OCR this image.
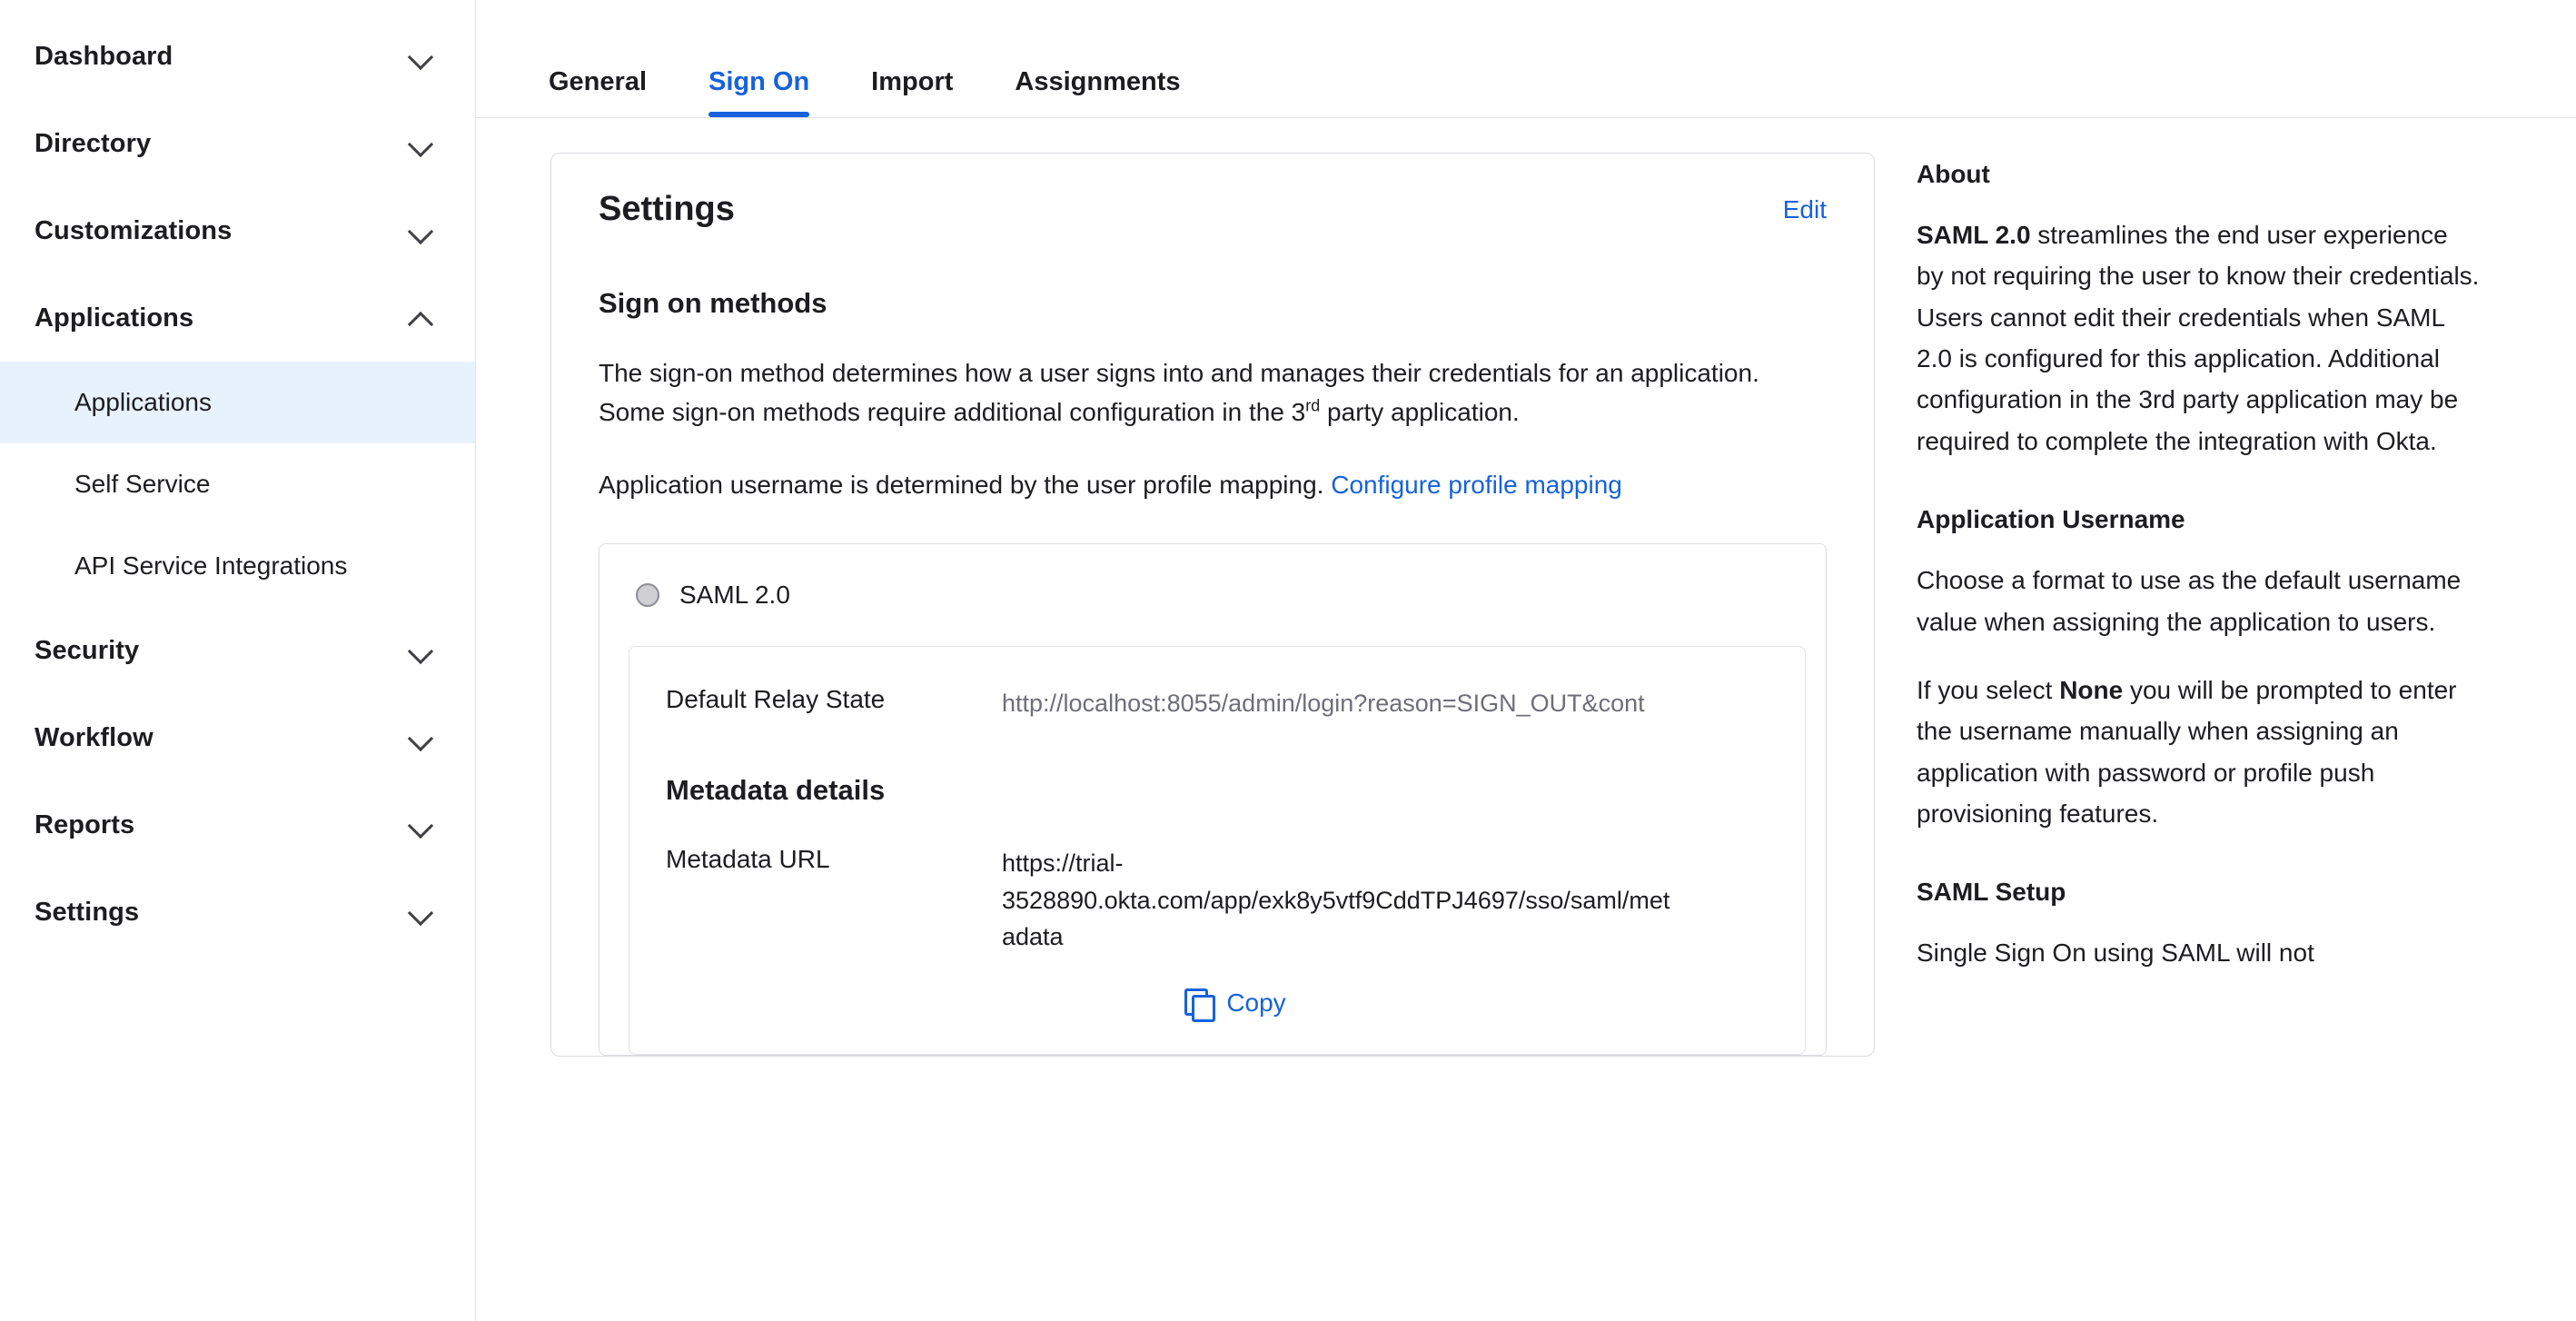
Dashboard
Directory
Customizations
Applications
Applications
Self Service
API Service Integrations
Security
Workflow
Reports
Settings
General	Sign On	Import	Assignments
Settings	Edit
Sign on methods

The sign-on method determines how a user signs into and manages their credentials for an application. Some sign-on methods require additional configuration in the 3rd party application.

Application username is determined by the user profile mapping. Configure profile mapping

SAML 2.0
Default Relay State	http://localhost:8055/admin/login?reason=SIGN_OUT&cont
Metadata details
Metadata URL	https://trial-3528890.okta.com/app/exk8y5vtf9CddTPJ4697/sso/saml/metadata
Copy
About

SAML 2.0 streamlines the end user experience by not requiring the user to know their credentials. Users cannot edit their credentials when SAML 2.0 is configured for this application. Additional configuration in the 3rd party application may be required to complete the integration with Okta.

Application Username

Choose a format to use as the default username value when assigning the application to users.

If you select None you will be prompted to enter the username manually when assigning an application with password or profile push provisioning features.

SAML Setup

Single Sign On using SAML will not
